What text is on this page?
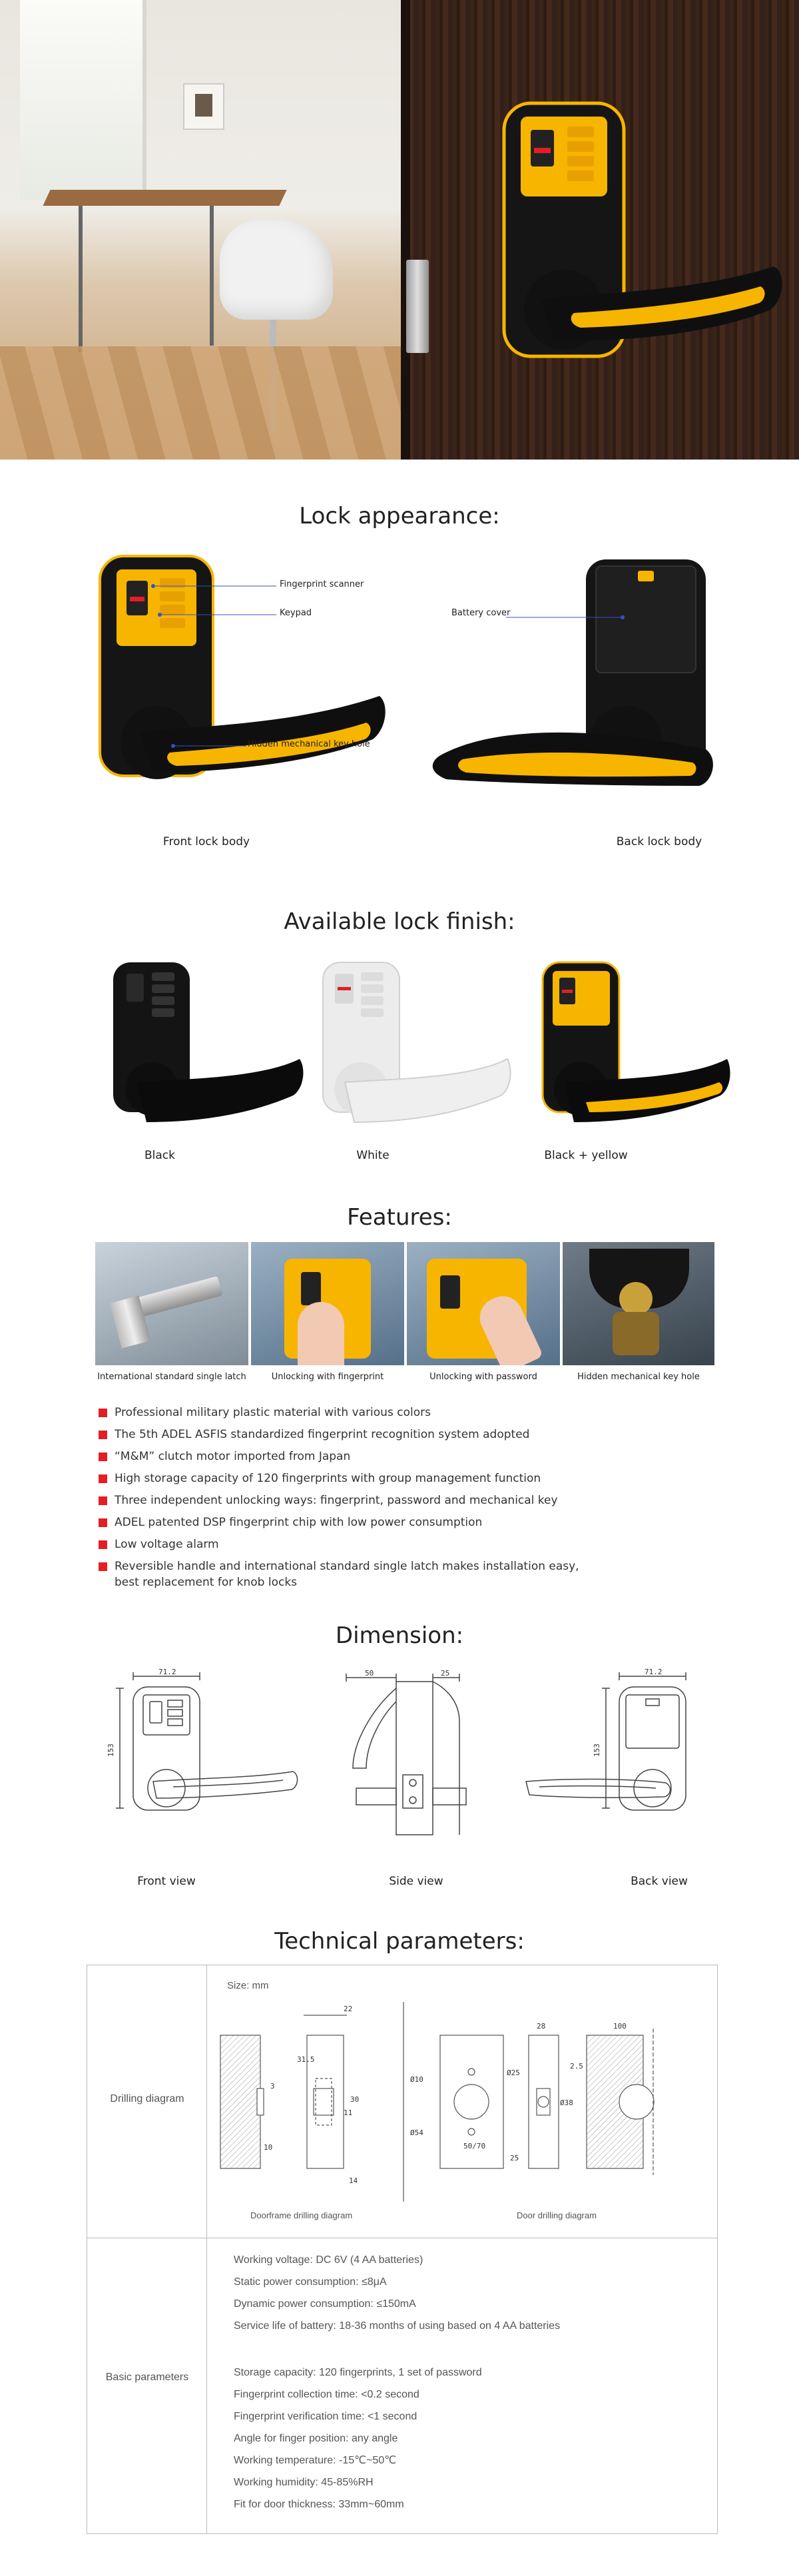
Lock appearance:
Fingerprint scanner
Keypad
Hidden mechanical key hole
Battery cover
Front lock body	Back lock body
Available lock finish:
Black	White	Black + yellow
Features:
International standard single latch	Unlocking with fingerprint	Unlocking with password	Hidden mechanical key hole
Professional military plastic material with various colors
The 5th ADEL ASFIS standardized fingerprint recognition system adopted
“M&M” clutch motor imported from Japan
High storage capacity of 120 fingerprints with group management function
Three independent unlocking ways: fingerprint, password and mechanical key
ADEL patented DSP fingerprint chip with low power consumption
Low voltage alarm
Reversible handle and international standard single latch makes installation easy,
best replacement for knob locks
Dimension:
71.2
153
50	25	71.2
153
Front view	Side view	Back view
Technical parameters:
Drilling diagram
Size: mm
22
31.5
3
30
11
14
10
28	100
2.5
25
Ø38
50/70
Ø54
Ø10
Ø25
Doorframe drilling diagram	Door drilling diagram
Basic parameters
Working voltage: DC 6V (4 AA batteries)
Static power consumption: ≤8μA
Dynamic power consumption: ≤150mA
Service life of battery: 18-36 months of using based on 4 AA batteries
Storage capacity: 120 fingerprints, 1 set of password
Fingerprint collection time: <0.2 second
Fingerprint verification time: <1 second
Angle for finger position: any angle
Working temperature: -15℃~50℃
Working humidity: 45-85%RH
Fit for door thickness: 33mm~60mm
